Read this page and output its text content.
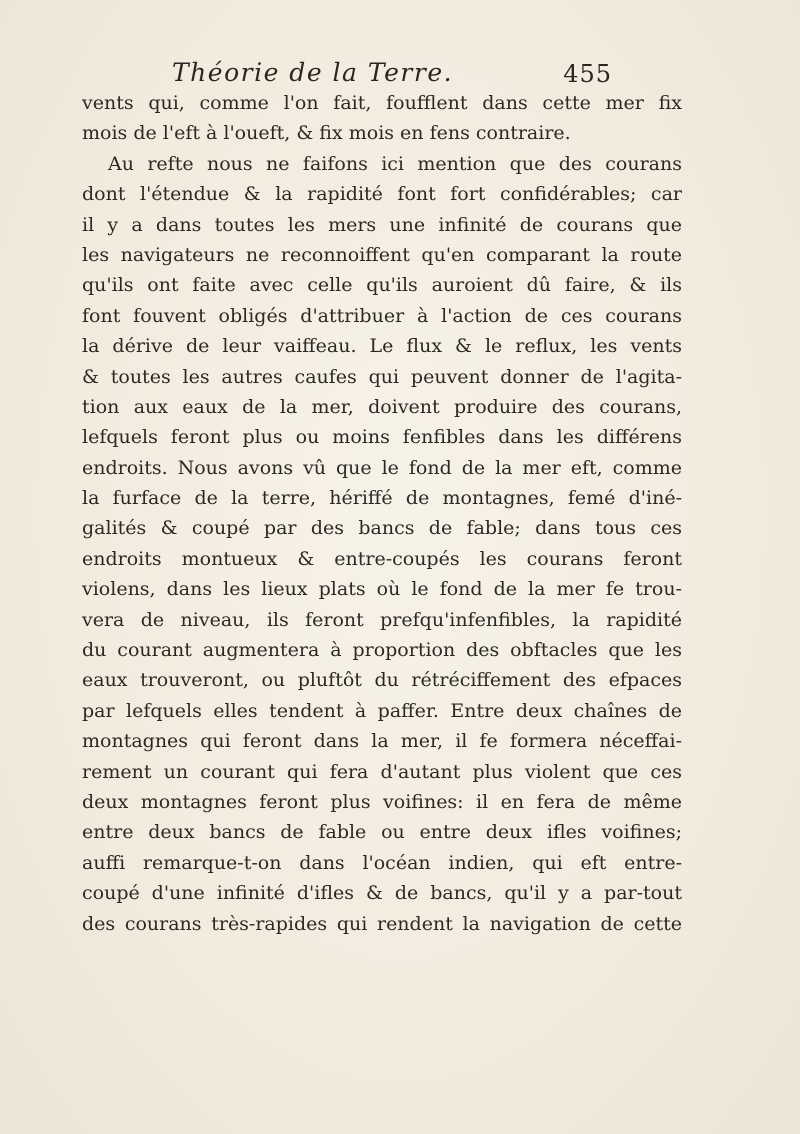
Théorie de la Terre.	455
vents qui, comme l'on fait, foufflent dans cette mer fix
mois de l'eft à l'oueft, & fix mois en fens contraire.
Au refte nous ne faifons ici mention que des courans
dont l'étendue & la rapidité font fort confidérables; car
il y a dans toutes les mers une infinité de courans que
les navigateurs ne reconnoiffent qu'en comparant la route
qu'ils ont faite avec celle qu'ils auroient dû faire, & ils
font fouvent obligés d'attribuer à l'action de ces courans
la dérive de leur vaiffeau. Le flux & le reflux, les vents
& toutes les autres caufes qui peuvent donner de l'agita-
tion aux eaux de la mer, doivent produire des courans,
lefquels feront plus ou moins fenfibles dans les différens
endroits. Nous avons vû que le fond de la mer eft, comme
la furface de la terre, hériffé de montagnes, femé d'iné-
galités & coupé par des bancs de fable; dans tous ces
endroits montueux & entre-coupés les courans feront
violens, dans les lieux plats où le fond de la mer fe trou-
vera de niveau, ils feront prefqu'infenfibles, la rapidité
du courant augmentera à proportion des obftacles que les
eaux trouveront, ou pluftôt du rétréciffement des efpaces
par lefquels elles tendent à paffer. Entre deux chaînes de
montagnes qui feront dans la mer, il fe formera néceffai-
rement un courant qui fera d'autant plus violent que ces
deux montagnes feront plus voifines: il en fera de même
entre deux bancs de fable ou entre deux ifles voifines;
auffi remarque-t-on dans l'océan indien, qui eft entre-
coupé d'une infinité d'ifles & de bancs, qu'il y a par-tout
des courans très-rapides qui rendent la navigation de cette
